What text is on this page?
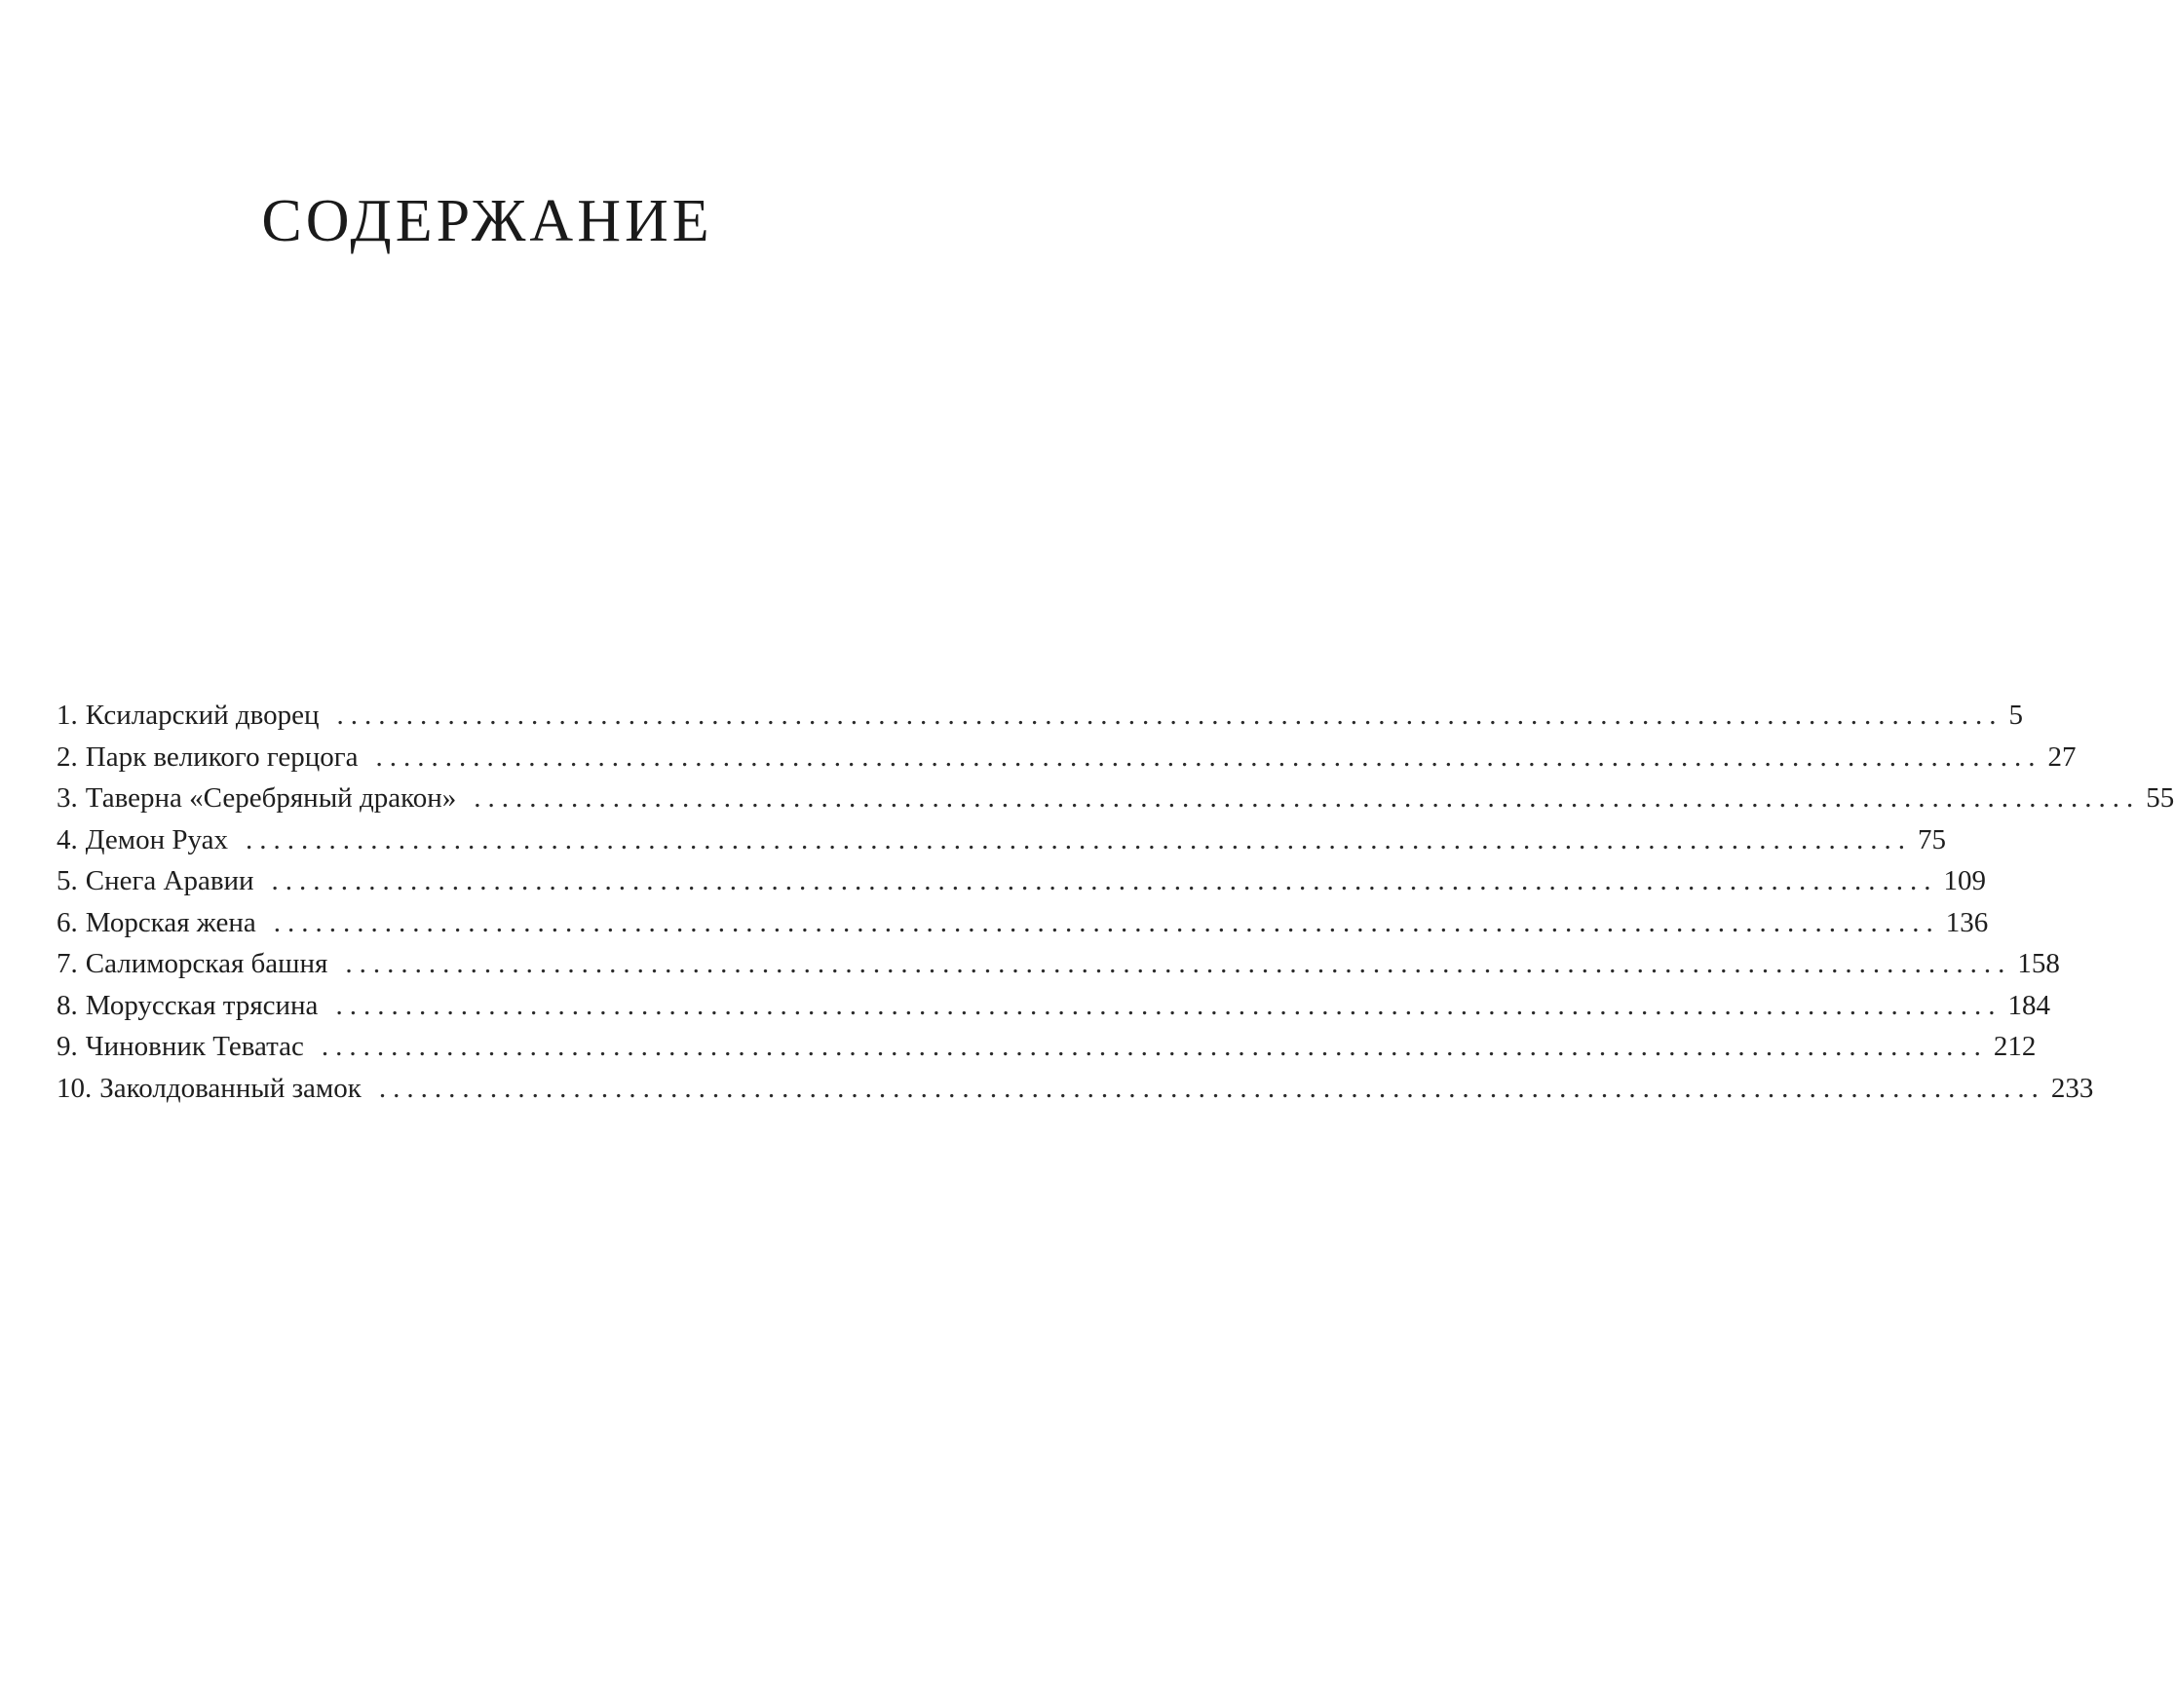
СОДЕРЖАНИЕ
1. Ксиларский дворец ........................................................................................................................ 5
2. Парк великого герцога ........................................................................................................................ 27
3. Таверна «Серебряный дракон» ........................................................................................................................ 55
4. Демон Руах ........................................................................................................................ 75
5. Снега Аравии ........................................................................................................................ 109
6. Морская жена ........................................................................................................................ 136
7. Салиморская башня ........................................................................................................................ 158
8. Моруccкая трясина ........................................................................................................................ 184
9. Чиновник Теватас ........................................................................................................................ 212
10. Заколдованный замок ........................................................................................................................ 233
